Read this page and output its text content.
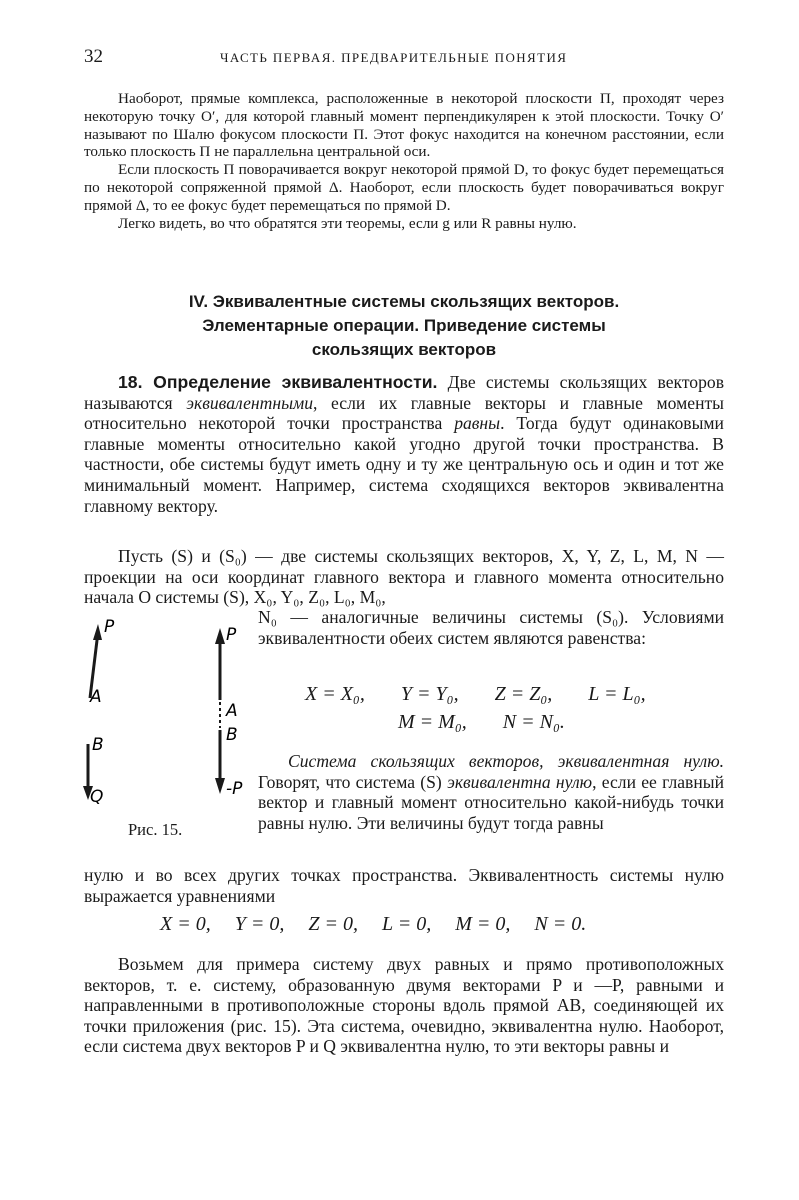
32	ЧАСТЬ ПЕРВАЯ. ПРЕДВАРИТЕЛЬНЫЕ ПОНЯТИЯ

Наоборот, прямые комплекса, расположенные в некоторой плоскости Π, проходят через некоторую точку O′, для которой главный момент перпендикулярен к этой плоскости. Точку O′ называют по Шалю фокусом плоскости Π. Этот фокус находится на конечном расстоянии, если только плоскость Π не параллельна центральной оси.

Если плоскость Π поворачивается вокруг некоторой прямой D, то фокус будет перемещаться по некоторой сопряженной прямой Δ. Наоборот, если плоскость будет поворачиваться вокруг прямой Δ, то ее фокус будет перемещаться по прямой D.

Легко видеть, во что обратятся эти теоремы, если g или R равны нулю.

IV. Эквивалентные системы скользящих векторов.
Элементарные операции. Приведение системы
скользящих векторов

18. Определение эквивалентности. Две системы скользящих векторов называются эквивалентными, если их главные векторы и главные моменты относительно некоторой точки пространства равны. Тогда будут одинаковыми главные моменты относительно какой угодно другой точки пространства. В частности, обе системы будут иметь одну и ту же центральную ось и один и тот же минимальный момент. Например, система сходящихся векторов эквивалентна главному вектору.

Пусть (S) и (S₀) — две системы скользящих векторов, X, Y, Z, L, M, N — проекции на оси координат главного вектора и главного момента относительно начала O системы (S), X₀, Y₀, Z₀, L₀, M₀,

N₀ — аналогичные величины системы (S₀). Условиями эквивалентности обеих систем являются равенства:

X = X₀, Y = Y₀, Z = Z₀, L = L₀,
M = M₀, N = N₀.

Система скользящих векторов, эквивалентная нулю. Говорят, что система (S) эквивалентна нулю, если ее главный вектор и главный момент относительно какой-нибудь точки равны нулю. Эти величины будут тогда равны

нулю и во всех других точках пространства. Эквивалентность системы нулю выражается уравнениями

X = 0, Y = 0, Z = 0, L = 0, M = 0, N = 0.

Возьмем для примера систему двух равных и прямо противоположных векторов, т. е. систему, образованную двумя векторами P и —P, равными и направленными в противоположные стороны вдоль прямой AB, соединяющей их точки приложения (рис. 15). Эта система, очевидно, эквивалентна нулю. Наоборот, если система двух векторов P и Q эквивалентна нулю, то эти векторы равны и

P
A
B
Q
P
A
B
-P
Рис. 15.
